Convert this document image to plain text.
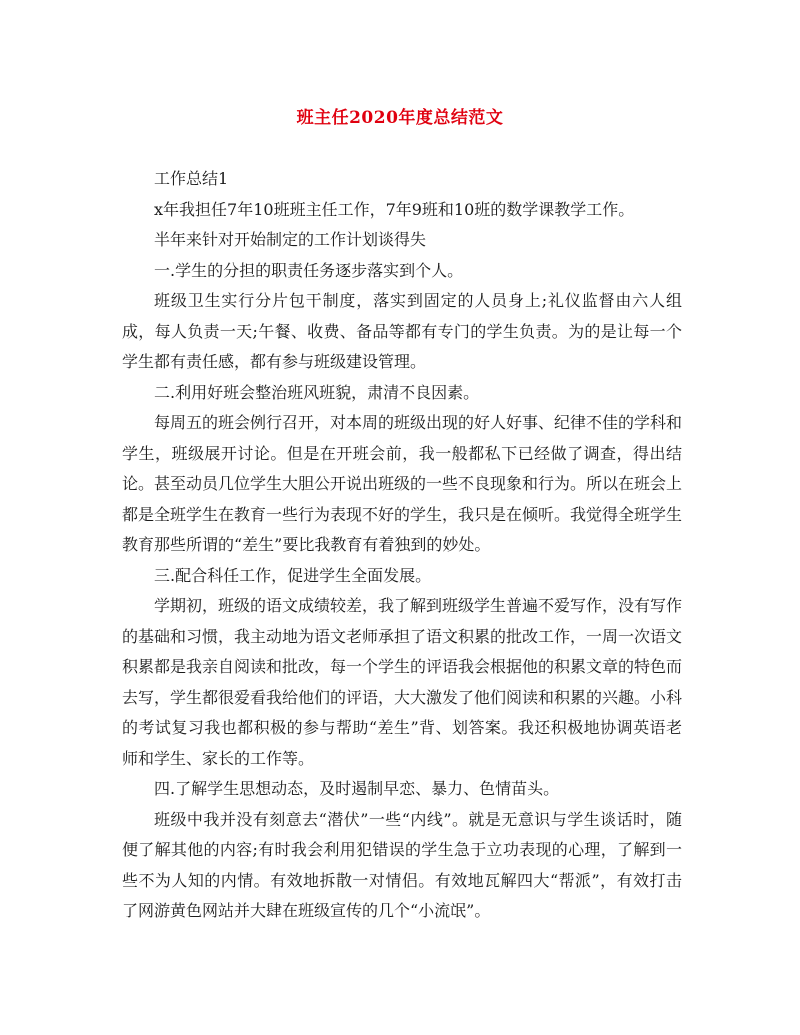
班主任2020年度总结范文

工作总结1

x年我担任7年10班班主任工作，7年9班和10班的数学课教学工作。

半年来针对开始制定的工作计划谈得失

一.学生的分担的职责任务逐步落实到个人。

班级卫生实行分片包干制度，落实到固定的人员身上;礼仪监督由六人组成，每人负责一天;午餐、收费、备品等都有专门的学生负责。为的是让每一个学生都有责任感，都有参与班级建设管理。

二.利用好班会整治班风班貌，肃清不良因素。

每周五的班会例行召开，对本周的班级出现的好人好事、纪律不佳的学科和学生，班级展开讨论。但是在开班会前，我一般都私下已经做了调查，得出结论。甚至动员几位学生大胆公开说出班级的一些不良现象和行为。所以在班会上都是全班学生在教育一些行为表现不好的学生，我只是在倾听。我觉得全班学生教育那些所谓的“差生”要比我教育有着独到的妙处。

三.配合科任工作，促进学生全面发展。

学期初，班级的语文成绩较差，我了解到班级学生普遍不爱写作，没有写作的基础和习惯，我主动地为语文老师承担了语文积累的批改工作，一周一次语文积累都是我亲自阅读和批改，每一个学生的评语我会根据他的积累文章的特色而去写，学生都很爱看我给他们的评语，大大激发了他们阅读和积累的兴趣。小科的考试复习我也都积极的参与帮助“差生”背、划答案。我还积极地协调英语老师和学生、家长的工作等。

四.了解学生思想动态，及时遏制早恋、暴力、色情苗头。

班级中我并没有刻意去“潜伏”一些“内线”。就是无意识与学生谈话时，随便了解其他的内容;有时我会利用犯错误的学生急于立功表现的心理，了解到一些不为人知的内情。有效地拆散一对情侣。有效地瓦解四大“帮派”，有效打击了网游黄色网站并大肆在班级宣传的几个“小流氓”。
